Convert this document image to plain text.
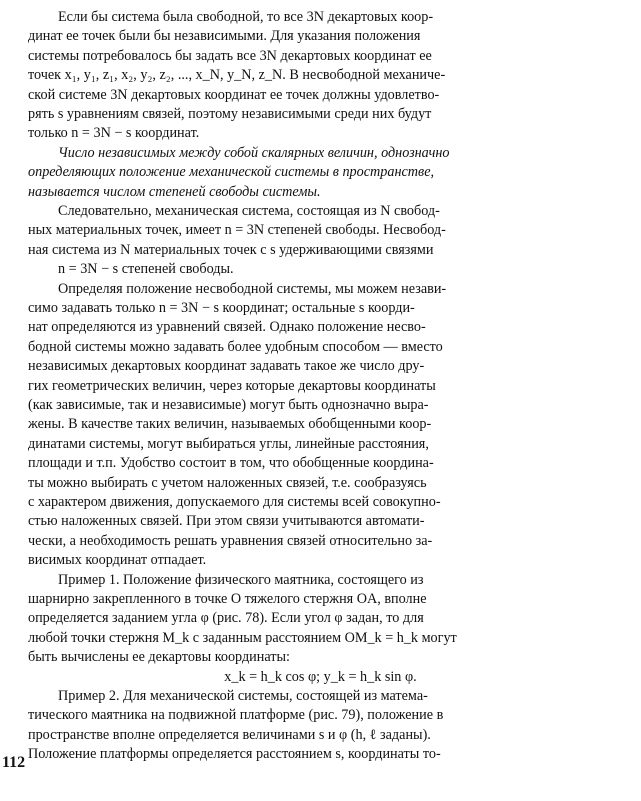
Если бы система была свободной, то все 3N декартовых коор-
динат ее точек были бы независимыми. Для указания положения
системы потребовалось бы задать все 3N декартовых координат ее
точек x₁, y₁, z₁, x₂, y₂, z₂, ..., x_N, y_N, z_N. В несвободной механиче-
ской системе 3N декартовых координат ее точек должны удовлетво-
рять s уравнениям связей, поэтому независимыми среди них будут
только n = 3N − s координат.
Число независимых между собой скалярных величин, однозначно
определяющих положение механической системы в пространстве,
называется числом степеней свободы системы.
Следовательно, механическая система, состоящая из N свобод-
ных материальных точек, имеет n = 3N степеней свободы. Несвобод-
ная система из N материальных точек с s удерживающими связями
n = 3N − s степеней свободы.
Определяя положение несвободной системы, мы можем незави-
симо задавать только n = 3N − s координат; остальные s коорди-
нат определяются из уравнений связей. Однако положение несво-
бодной системы можно задавать более удобным способом — вместо
независимых декартовых координат задавать такое же число дру-
гих геометрических величин, через которые декартовы координаты
(как зависимые, так и независимые) могут быть однозначно выра-
жены. В качестве таких величин, называемых обобщенными коор-
динатами системы, могут выбираться углы, линейные расстояния,
площади и т.п. Удобство состоит в том, что обобщенные координа-
ты можно выбирать с учетом наложенных связей, т.е. сообразуясь
с характером движения, допускаемого для системы всей совокупно-
стью наложенных связей. При этом связи учитываются автомати-
чески, а необходимость решать уравнения связей относительно за-
висимых координат отпадает.
Пример 1. Положение физического маятника, состоящего из
шарнирно закрепленного в точке O тяжелого стержня OA, вполне
определяется заданием угла φ (рис. 78). Если угол φ задан, то для
любой точки стержня M_k с заданным расстоянием OM_k = h_k могут
быть вычислены ее декартовы координаты:
x_k = h_k cos φ; y_k = h_k sin φ.
Пример 2. Для механической системы, состоящей из матема-
тического маятника на подвижной платформе (рис. 79), положение в
пространстве вполне определяется величинами s и φ (h, ℓ заданы).
Положение платформы определяется расстоянием s, координаты то-
112
